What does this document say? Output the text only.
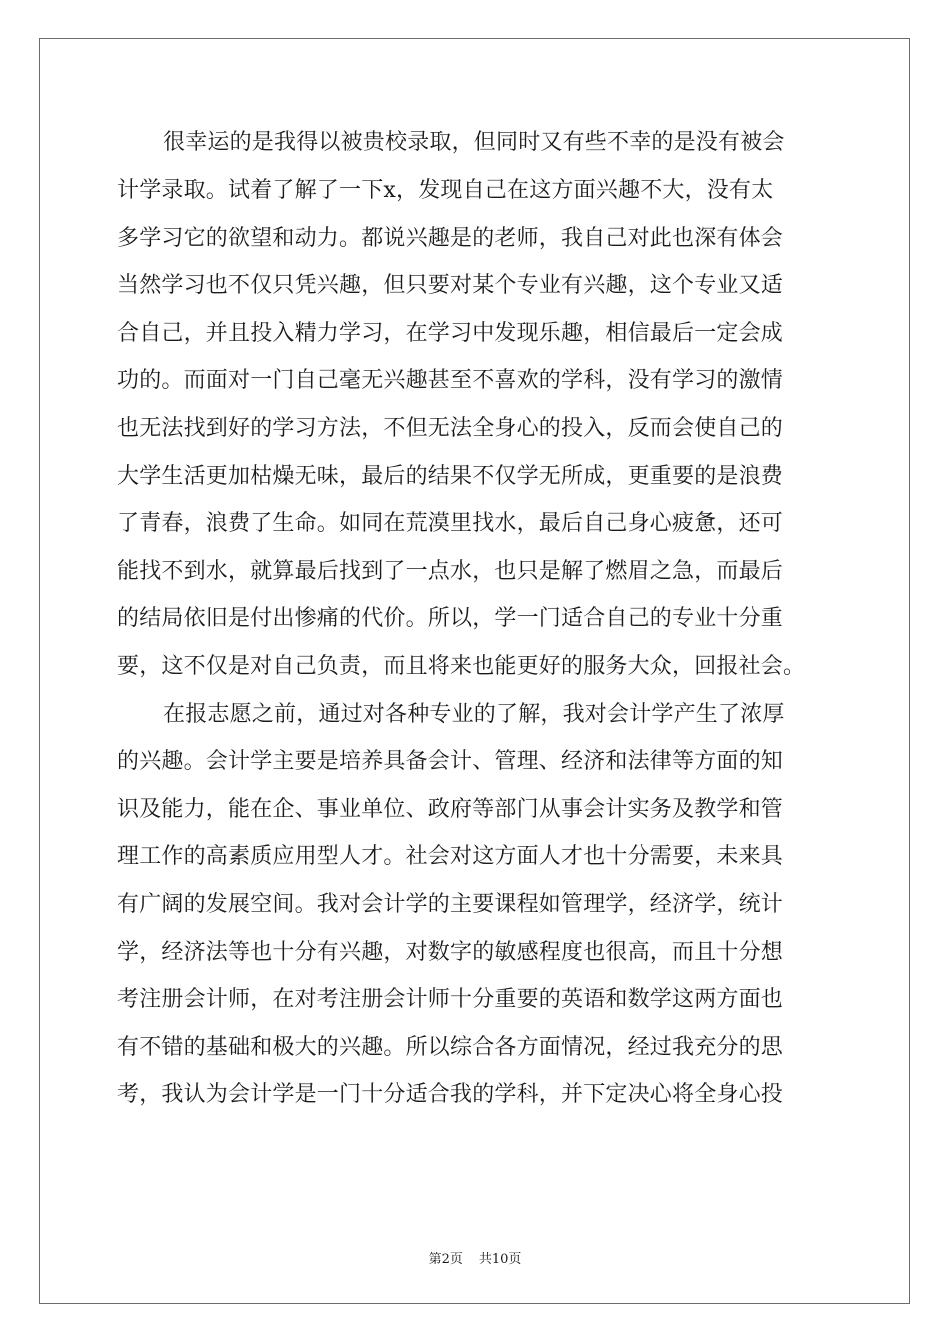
很幸运的是我得以被贵校录取，但同时又有些不幸的是没有被会
计学录取。试着了解了一下x，发现自己在这方面兴趣不大，没有太
多学习它的欲望和动力。都说兴趣是的老师，我自己对此也深有体会
当然学习也不仅只凭兴趣，但只要对某个专业有兴趣，这个专业又适
合自己，并且投入精力学习，在学习中发现乐趣，相信最后一定会成
功的。而面对一门自己毫无兴趣甚至不喜欢的学科，没有学习的激情
也无法找到好的学习方法，不但无法全身心的投入，反而会使自己的
大学生活更加枯燥无味，最后的结果不仅学无所成，更重要的是浪费
了青春，浪费了生命。如同在荒漠里找水，最后自己身心疲惫，还可
能找不到水，就算最后找到了一点水，也只是解了燃眉之急，而最后
的结局依旧是付出惨痛的代价。所以，学一门适合自己的专业十分重
要，这不仅是对自己负责，而且将来也能更好的服务大众，回报社会。
在报志愿之前，通过对各种专业的了解，我对会计学产生了浓厚
的兴趣。会计学主要是培养具备会计、管理、经济和法律等方面的知
识及能力，能在企、事业单位、政府等部门从事会计实务及教学和管
理工作的高素质应用型人才。社会对这方面人才也十分需要，未来具
有广阔的发展空间。我对会计学的主要课程如管理学，经济学，统计
学，经济法等也十分有兴趣，对数字的敏感程度也很高，而且十分想
考注册会计师，在对考注册会计师十分重要的英语和数学这两方面也
有不错的基础和极大的兴趣。所以综合各方面情况，经过我充分的思
考，我认为会计学是一门十分适合我的学科，并下定决心将全身心投
第2页 共10页
